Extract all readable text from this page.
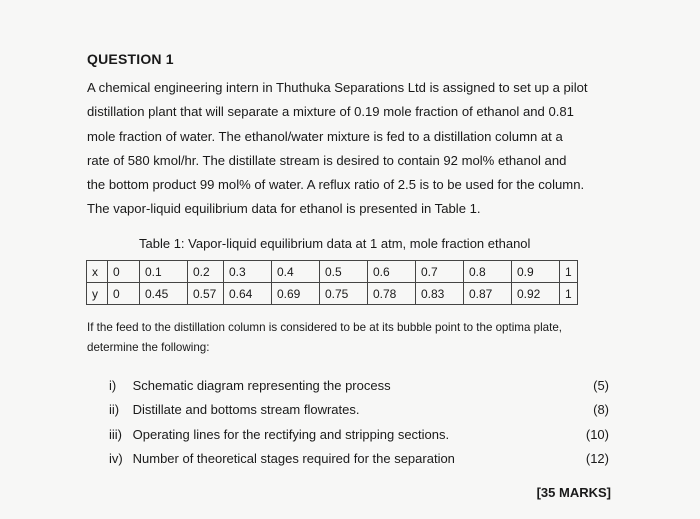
QUESTION 1
A chemical engineering intern in Thuthuka Separations Ltd is assigned to set up a pilot
distillation plant that will separate a mixture of 0.19 mole fraction of ethanol and 0.81
mole fraction of water. The ethanol/water mixture is fed to a distillation column at a
rate of 580 kmol/hr. The distillate stream is desired to contain 92 mol% ethanol and
the bottom product 99 mol% of water. A reflux ratio of 2.5 is to be used for the column.
The vapor-liquid equilibrium data for ethanol is presented in Table 1.
Table 1: Vapor-liquid equilibrium data at 1 atm, mole fraction ethanol
x	0	0.1	0.2	0.3	0.4	0.5	0.6	0.7	0.8	0.9	1
y	0	0.45	0.57	0.64	0.69	0.75	0.78	0.83	0.87	0.92	1
If the feed to the distillation column is considered to be at its bubble point to the optima plate,
determine the following:
i) Schematic diagram representing the process	(5)
ii) Distillate and bottoms stream flowrates.	(8)
iii) Operating lines for the rectifying and stripping sections.	(10)
iv) Number of theoretical stages required for the separation	(12)
[35 MARKS]
